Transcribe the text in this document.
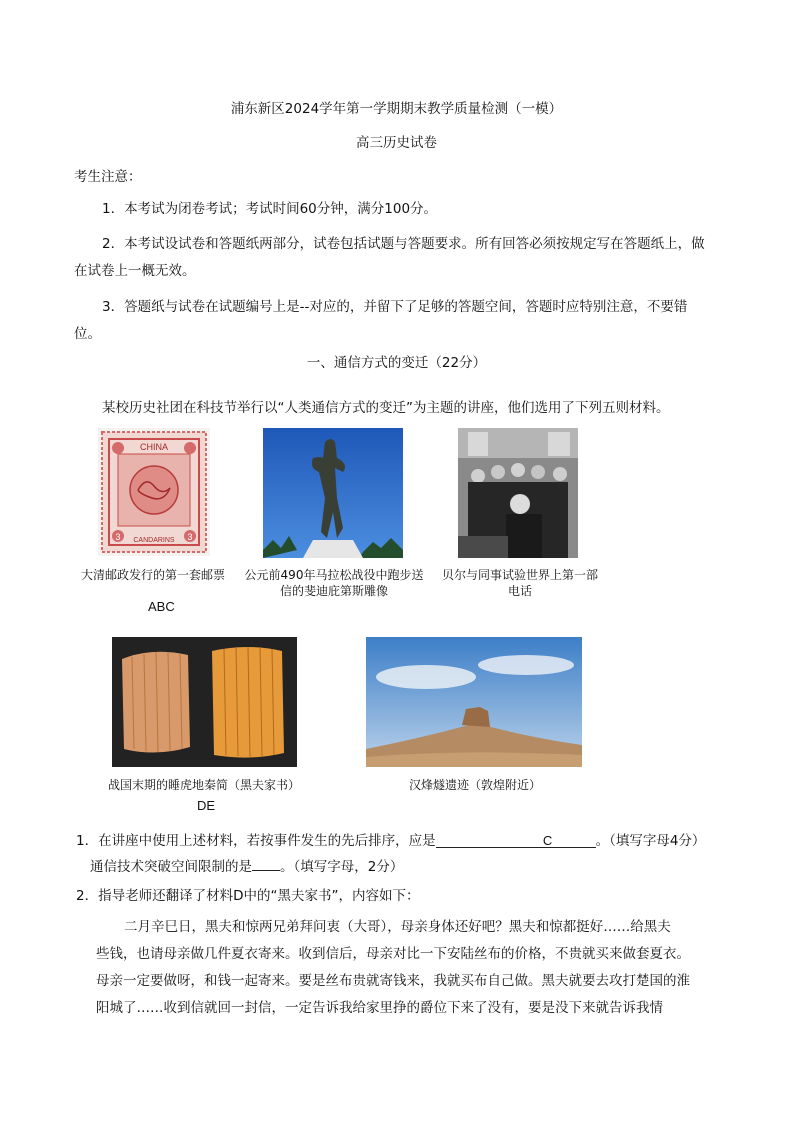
浦东新区2024学年第一学期期末教学质量检测（一模）
高三历史试卷
考生注意：
1．本考试为闭卷考试；考试时间60分钟，满分100分。
2．本考试设试卷和答题纸两部分，试卷包括试题与答题要求。所有回答必须按规定写在答题纸上，做
在试卷上一概无效。
3．答题纸与试卷在试题编号上是--对应的，并留下了足够的答题空间，答题时应特别注意，不要错
位。
一、通信方式的变迁（22分）
某校历史社团在科技节举行以“人类通信方式的变迁”为主题的讲座，他们选用了下列五则材料。
CHINA
CANDARINS
3	3
大清邮政发行的第一套邮票	公元前490年马拉松战役中跑步送
信的斐迪庇第斯雕像
贝尔与同事试验世界上第一部
电话
ABC
战国末期的睡虎地秦简（黑夫家书）
DE
汉烽燧遗迹（敦煌附近）
1．在讲座中使用上述材料，若按事件发生的先后排序，应是	C	。（填写字母4分）
通信技术突破空间限制的是 。（填写字母，2分）
2．指导老师还翻译了材料D中的“黑夫家书”，内容如下：
二月辛巳日，黑夫和惊两兄弟拜问衷（大哥），母亲身体还好吧？黑夫和惊都挺好……给黑夫
些钱，也请母亲做几件夏衣寄来。收到信后，母亲对比一下安陆丝布的价格，不贵就买来做套夏衣。
母亲一定要做呀，和钱一起寄来。要是丝布贵就寄钱来，我就买布自己做。黑夫就要去攻打楚国的淮
阳城了……收到信就回一封信，一定告诉我给家里挣的爵位下来了没有，要是没下来就告诉我情
